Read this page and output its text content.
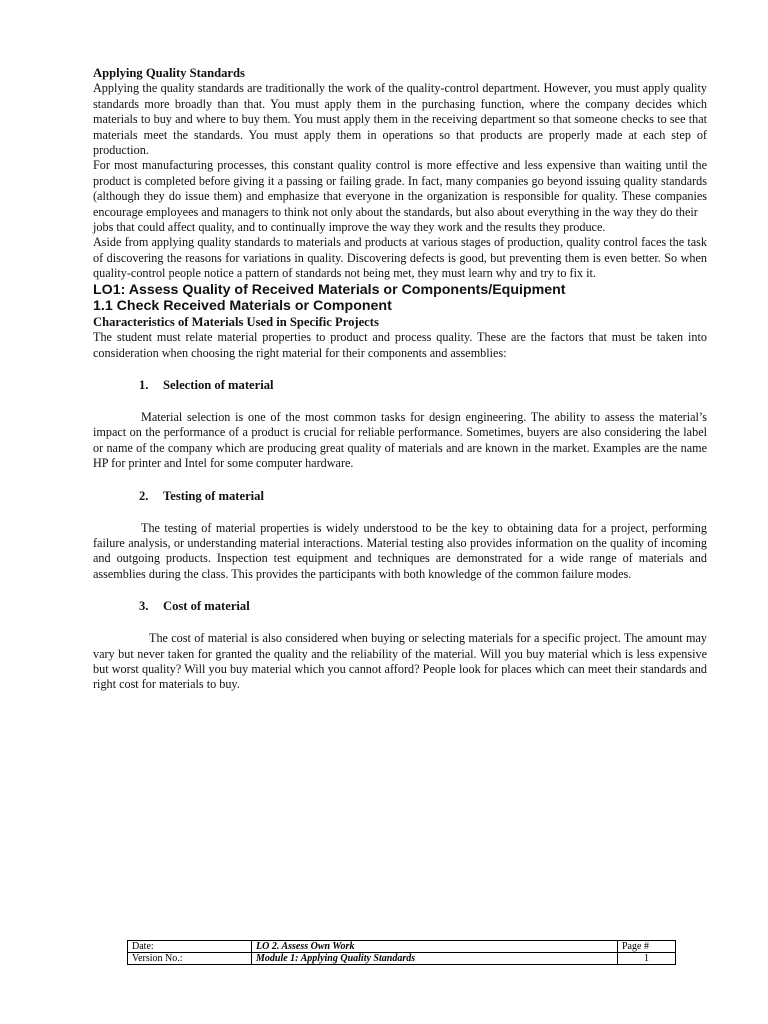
Applying Quality Standards

Applying the quality standards are traditionally the work of the quality-control department. However, you must apply quality standards more broadly than that. You must apply them in the purchasing function, where the company decides which materials to buy and where to buy them. You must apply them in the receiving department so that someone checks to see that materials meet the standards. You must apply them in operations so that products are properly made at each step of production.

For most manufacturing processes, this constant quality control is more effective and less expensive than waiting until the product is completed before giving it a passing or failing grade. In fact, many companies go beyond issuing quality standards (although they do issue them) and emphasize that everyone in the organization is responsible for quality. These companies encourage employees and managers to think not only about the standards, but also about everything in the way they do their

jobs that could affect quality, and to continually improve the way they work and the results they produce.

Aside from applying quality standards to materials and products at various stages of production, quality control faces the task of discovering the reasons for variations in quality. Discovering defects is good, but preventing them is even better. So when quality-control people notice a pattern of standards not being met, they must learn why and try to fix it.

LO1: Assess Quality of Received Materials or Components/Equipment
1.1 Check Received Materials or Component
Characteristics of Materials Used in Specific Projects

The student must relate material properties to product and process quality. These are the factors that must be taken into consideration when choosing the right material for their components and assemblies:

1. Selection of material

Material selection is one of the most common tasks for design engineering. The ability to assess the material’s impact on the performance of a product is crucial for reliable performance. Sometimes, buyers are also considering the label or name of the company which are producing great quality of materials and are known in the market. Examples are the name HP for printer and Intel for some computer hardware.

2. Testing of material

The testing of material properties is widely understood to be the key to obtaining data for a project, performing failure analysis, or understanding material interactions. Material testing also provides information on the quality of incoming and outgoing products. Inspection test equipment and techniques are demonstrated for a wide range of materials and assemblies during the class. This provides the participants with both knowledge of the common failure modes.

3. Cost of material

The cost of material is also considered when buying or selecting materials for a specific project. The amount may vary but never taken for granted the quality and the reliability of the material. Will you buy material which is less expensive but worst quality? Will you buy material which you cannot afford? People look for places which can meet their standards and right cost for materials to buy.

Date:	LO 2. Assess Own Work	Page #
Version No.:	Module 1: Applying Quality Standards	1
